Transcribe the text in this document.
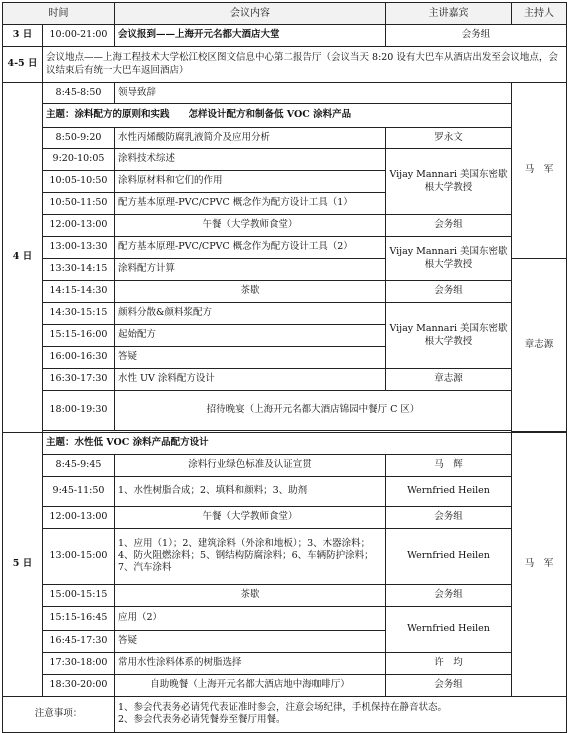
时间		会议内容	主讲嘉宾	主持人	
3 日	10:00-21:00	会议报到——上海开元名都大酒店大堂	会务组		
4-5 日	会议地点——上海工程技术大学松江校区图文信息中心第二报告厅（会议当天 8:20 设有大巴车从酒店出发至会议地点，会议结束后有统一大巴车返回酒店）				
4 日	8:45-8:50	领导致辞		马　军	
	主题：涂料配方的原则和实践　　怎样设计配方和制备低 VOC 涂料产品				
	8:50-9:20	水性丙烯酸防腐乳液简介及应用分析	罗永文		
	9:20-10:05	涂料技术综述	Vijay Mannari 美国东密歇根大学教授		
	10:05-10:50	涂料原材料和它们的作用			
	10:50-11:50	配方基本原理-PVC/CPVC 概念作为配方设计工具（1）			
	12:00-13:00	午餐（大学教师食堂）	会务组		
	13:00-13:30	配方基本原理-PVC/CPVC 概念作为配方设计工具（2）	Vijay Mannari 美国东密歇根大学教授		
	13:30-14:15	涂料配方计算		章志源	
	14:15-14:30	茶歇	会务组		
	14:30-15:15	颜料分散&颜料浆配方	Vijay Mannari 美国东密歇根大学教授		
	15:15-16:00	起始配方			
	16:00-16:30	答疑			
	16:30-17:30	水性 UV 涂料配方设计	章志源		
	18:00-19:30	招待晚宴（上海开元名都大酒店锦园中餐厅 C 区）	

5 日	主题：水性低 VOC 涂料产品配方设计			马　军	
	8:45-9:45	涂料行业绿色标准及认证宣贯	马　辉		
	9:45-11:50	1、水性树脂合成；2、填料和颜料；3、助剂	Wernfried Heilen		
	12:00-13:00	午餐（大学教师食堂）	会务组		
	13:00-15:00	1、应用（1）；2、建筑涂料（外涂和地板）；3、木器涂料；4、防火阻燃涂料；5、钢结构防腐涂料；6、车辆防护涂料；7、汽车涂料	Wernfried Heilen		
	15:00-15:15	茶歇	会务组		
	15:15-16:45	应用（2）	Wernfried Heilen		
	16:45-17:30	答疑			
	17:30-18:00	常用水性涂料体系的树脂选择	许　均		
	18:30-20:00	自助晚餐（上海开元名都大酒店地中海咖啡厅）	会务组		
注意事项：		1、参会代表务必请凭代表证准时参会，注意会场纪律，手机保持在静音状态。
2、参会代表务必请凭餐券至餐厅用餐。			
